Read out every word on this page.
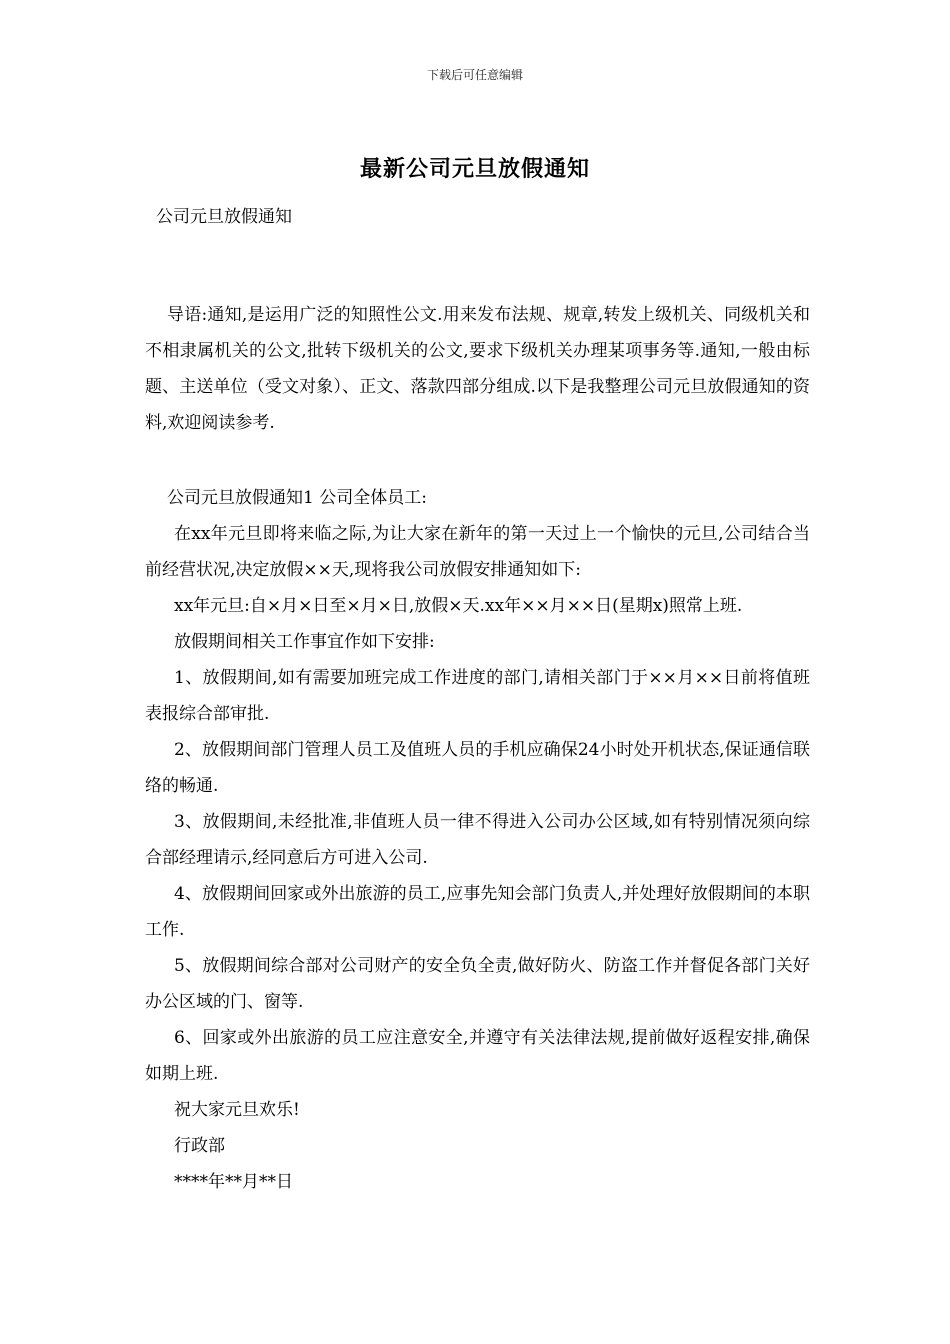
下载后可任意编辑
最新公司元旦放假通知
公司元旦放假通知

导语:通知,是运用广泛的知照性公文.用来发布法规、规章,转发上级机关、同级机关和不相隶属机关的公文,批转下级机关的公文,要求下级机关办理某项事务等.通知,一般由标题、主送单位（受文对象）、正文、落款四部分组成.以下是我整理公司元旦放假通知的资料,欢迎阅读参考.

公司元旦放假通知1 公司全体员工:

在xx年元旦即将来临之际,为让大家在新年的第一天过上一个愉快的元旦,公司结合当前经营状况,决定放假××天,现将我公司放假安排通知如下:

xx年元旦:自×月×日至×月×日,放假×天.xx年××月××日(星期x)照常上班.

放假期间相关工作事宜作如下安排:

1、放假期间,如有需要加班完成工作进度的部门,请相关部门于××月××日前将值班表报综合部审批.

2、放假期间部门管理人员工及值班人员的手机应确保24小时处开机状态,保证通信联络的畅通.

3、放假期间,未经批准,非值班人员一律不得进入公司办公区域,如有特别情况须向综合部经理请示,经同意后方可进入公司.

4、放假期间回家或外出旅游的员工,应事先知会部门负责人,并处理好放假期间的本职工作.

5、放假期间综合部对公司财产的安全负全责,做好防火、防盗工作并督促各部门关好办公区域的门、窗等.

6、回家或外出旅游的员工应注意安全,并遵守有关法律法规,提前做好返程安排,确保如期上班.

祝大家元旦欢乐!

行政部

****年**月**日
